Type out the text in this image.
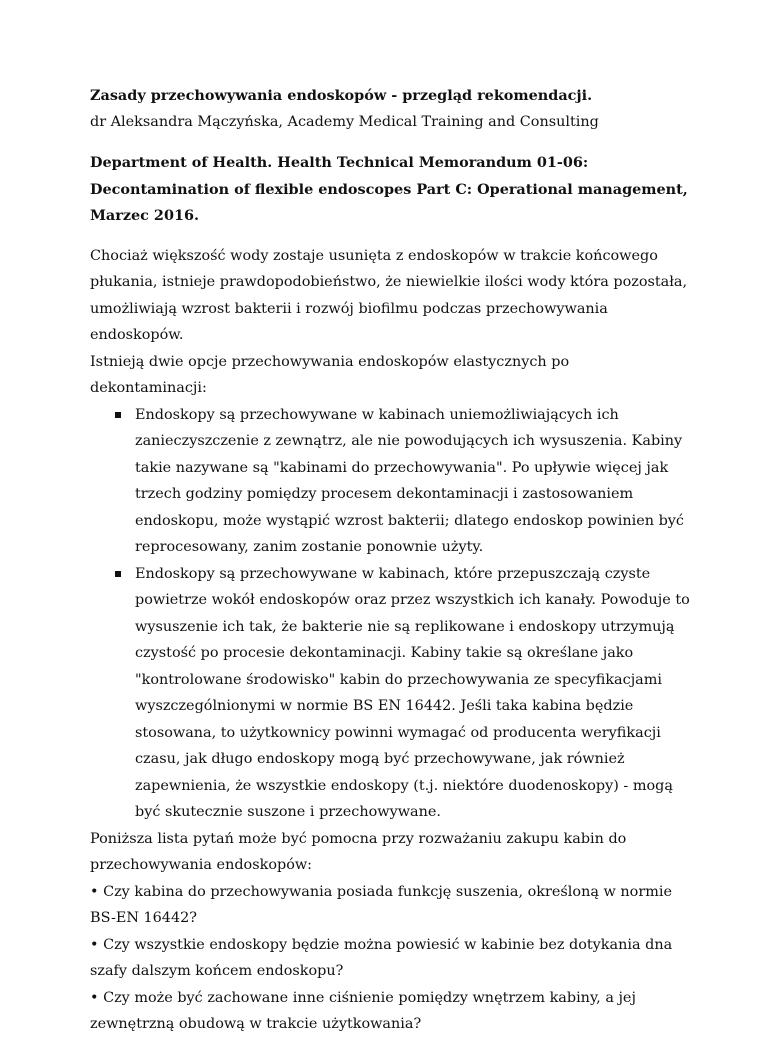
Zasady przechowywania endoskopów - przegląd rekomendacji.

dr Aleksandra Mączyńska, Academy Medical Training and Consulting

Department of Health. Health Technical Memorandum 01-06: Decontamination of flexible endoscopes Part C: Operational management, Marzec 2016.

Chociaż większość wody zostaje usunięta z endoskopów w trakcie końcowego płukania, istnieje prawdopodobieństwo, że niewielkie ilości wody która pozostała, umożliwiają wzrost bakterii i rozwój biofilmu podczas przechowywania endoskopów.

Istnieją dwie opcje przechowywania endoskopów elastycznych po dekontaminacji:

Endoskopy są przechowywane w kabinach uniemożliwiających ich zanieczyszczenie z zewnątrz, ale nie powodujących ich wysuszenia. Kabiny takie nazywane są "kabinami do przechowywania". Po upływie więcej jak trzech godziny pomiędzy procesem dekontaminacji i zastosowaniem endoskopu, może wystąpić wzrost bakterii; dlatego endoskop powinien być reprocesowany, zanim zostanie ponownie użyty.
Endoskopy są przechowywane w kabinach, które przepuszczają czyste powietrze wokół endoskopów oraz przez wszystkich ich kanały. Powoduje to wysuszenie ich tak, że bakterie nie są replikowane i endoskopy utrzymują czystość po procesie dekontaminacji. Kabiny takie są określane jako "kontrolowane środowisko" kabin do przechowywania ze specyfikacjami wyszczególnionymi w normie BS EN 16442. Jeśli taka kabina będzie stosowana, to użytkownicy powinni wymagać od producenta weryfikacji czasu, jak długo endoskopy mogą być przechowywane, jak również zapewnienia, że wszystkie endoskopy (t.j. niektóre duodenoskopy) - mogą być skutecznie suszone i przechowywane.

Poniższa lista pytań może być pomocna przy rozważaniu zakupu kabin do przechowywania endoskopów:

• Czy kabina do przechowywania posiada funkcję suszenia, określoną w normie BS-EN 16442?

• Czy wszystkie endoskopy będzie można powiesić w kabinie bez dotykania dna szafy dalszym końcem endoskopu?

• Czy może być zachowane inne ciśnienie pomiędzy wnętrzem kabiny, a jej zewnętrzną obudową w trakcie użytkowania?
